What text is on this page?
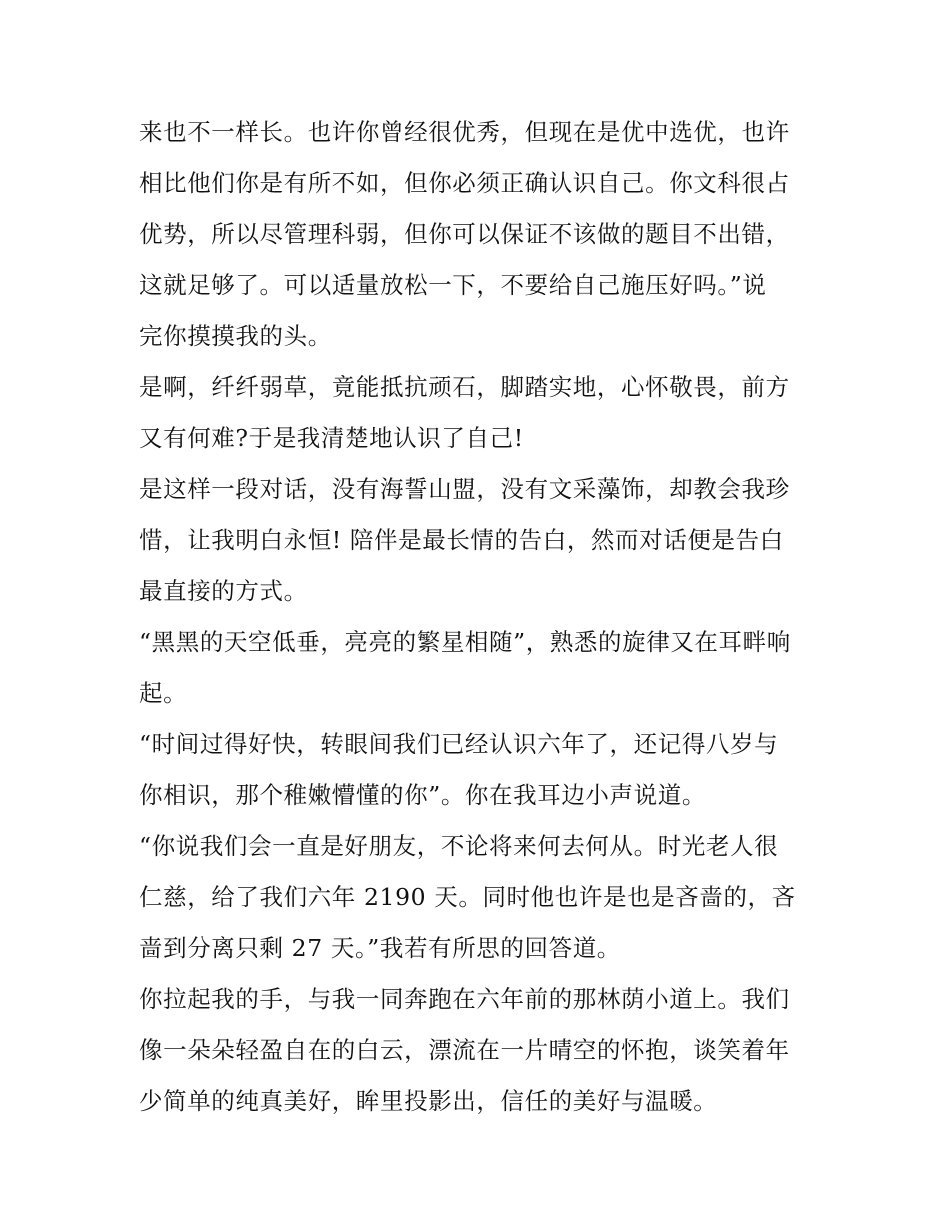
来也不一样长。也许你曾经很优秀，但现在是优中选优，也许
相比他们你是有所不如，但你必须正确认识自己。你文科很占
优势，所以尽管理科弱，但你可以保证不该做的题目不出错，
这就足够了。可以适量放松一下，不要给自己施压好吗。”说
完你摸摸我的头。
是啊，纤纤弱草，竟能抵抗顽石，脚踏实地，心怀敬畏，前方
又有何难?于是我清楚地认识了自己!
是这样一段对话，没有海誓山盟，没有文采藻饰，却教会我珍
惜，让我明白永恒! 陪伴是最长情的告白，然而对话便是告白
最直接的方式。
“黑黑的天空低垂，亮亮的繁星相随”，熟悉的旋律又在耳畔响
起。
“时间过得好快，转眼间我们已经认识六年了，还记得八岁与
你相识，那个稚嫩懵懂的你”。你在我耳边小声说道。
“你说我们会一直是好朋友，不论将来何去何从。时光老人很
仁慈，给了我们六年 2190 天。同时他也许是也是吝啬的，吝
啬到分离只剩 27 天。”我若有所思的回答道。
你拉起我的手，与我一同奔跑在六年前的那林荫小道上。我们
像一朵朵轻盈自在的白云，漂流在一片晴空的怀抱，谈笑着年
少简单的纯真美好，眸里投影出，信任的美好与温暖。
